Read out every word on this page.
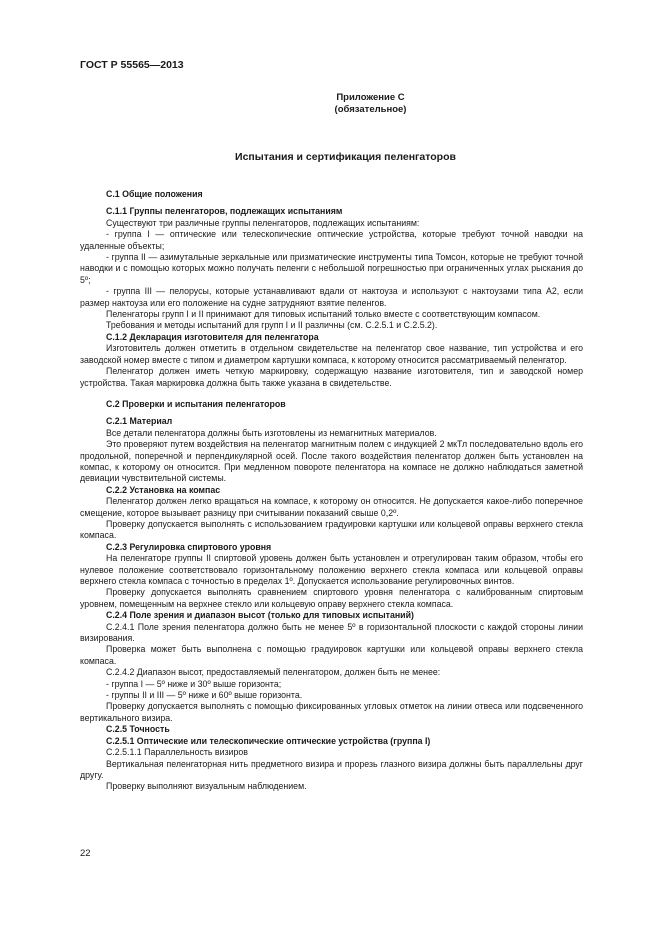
ГОСТ Р 55565—2013
Приложение С
(обязательное)
Испытания и сертификация пеленгаторов

С.1 Общие положения

С.1.1 Группы пеленгаторов, подлежащих испытаниям

Существуют три различные группы пеленгаторов, подлежащих испытаниям:

- группа I — оптические или телескопические оптические устройства, которые требуют точной наводки на удаленные объекты;

- группа II — азимутальные зеркальные или призматические инструменты типа Томсон, которые не требуют точной наводки и с помощью которых можно получать пеленги с небольшой погрешностью при ограниченных углах рыскания до 5º;

- группа III — пелорусы, которые устанавливают вдали от нактоуза и используют с нактоузами типа А2, если размер нактоуза или его положение на судне затрудняют взятие пеленгов.

Пеленгаторы групп I и II принимают для типовых испытаний только вместе с соответствующим компасом.

Требования и методы испытаний для групп I и II различны (см. С.2.5.1 и С.2.5.2).

С.1.2 Декларация изготовителя для пеленгатора

Изготовитель должен отметить в отдельном свидетельстве на пеленгатор свое название, тип устройства и его заводской номер вместе с типом и диаметром картушки компаса, к которому относится рассматриваемый пеленгатор.

Пеленгатор должен иметь четкую маркировку, содержащую название изготовителя, тип и заводской номер устройства. Такая маркировка должна быть также указана в свидетельстве.

С.2 Проверки и испытания пеленгаторов

С.2.1 Материал

Все детали пеленгатора должны быть изготовлены из немагнитных материалов.

Это проверяют путем воздействия на пеленгатор магнитным полем с индукцией 2 мкТл последовательно вдоль его продольной, поперечной и перпендикулярной осей. После такого воздействия пеленгатор должен быть установлен на компас, к которому он относится. При медленном повороте пеленгатора на компасе не должно наблюдаться заметной девиации чувствительной системы.

С.2.2 Установка на компас

Пеленгатор должен легко вращаться на компасе, к которому он относится. Не допускается какое-либо поперечное смещение, которое вызывает разницу при считывании показаний свыше 0,2º.

Проверку допускается выполнять с использованием градуировки картушки или кольцевой оправы верхнего стекла компаса.

С.2.3 Регулировка спиртового уровня

На пеленгаторе группы II спиртовой уровень должен быть установлен и отрегулирован таким образом, чтобы его нулевое положение соответствовало горизонтальному положению верхнего стекла компаса или кольцевой оправы верхнего стекла компаса с точностью в пределах 1º. Допускается использование регулировочных винтов.

Проверку допускается выполнять сравнением спиртового уровня пеленгатора с калиброванным спиртовым уровнем, помещенным на верхнее стекло или кольцевую оправу верхнего стекла компаса.

С.2.4 Поле зрения и диапазон высот (только для типовых испытаний)

С.2.4.1 Поле зрения пеленгатора должно быть не менее 5º в горизонтальной плоскости с каждой стороны линии визирования.

Проверка может быть выполнена с помощью градуировок картушки или кольцевой оправы верхнего стекла компаса.

С.2.4.2 Диапазон высот, предоставляемый пеленгатором, должен быть не менее:

- группа I — 5º ниже и 30º выше горизонта;

- группы II и III — 5º ниже и 60º выше горизонта.

Проверку допускается выполнять с помощью фиксированных угловых отметок на линии отвеса или подсвеченного вертикального визира.

С.2.5 Точность

С.2.5.1 Оптические или телескопические оптические устройства (группа I)

С.2.5.1.1 Параллельность визиров

Вертикальная пеленгаторная нить предметного визира и прорезь глазного визира должны быть параллельны друг другу.

Проверку выполняют визуальным наблюдением.

22
